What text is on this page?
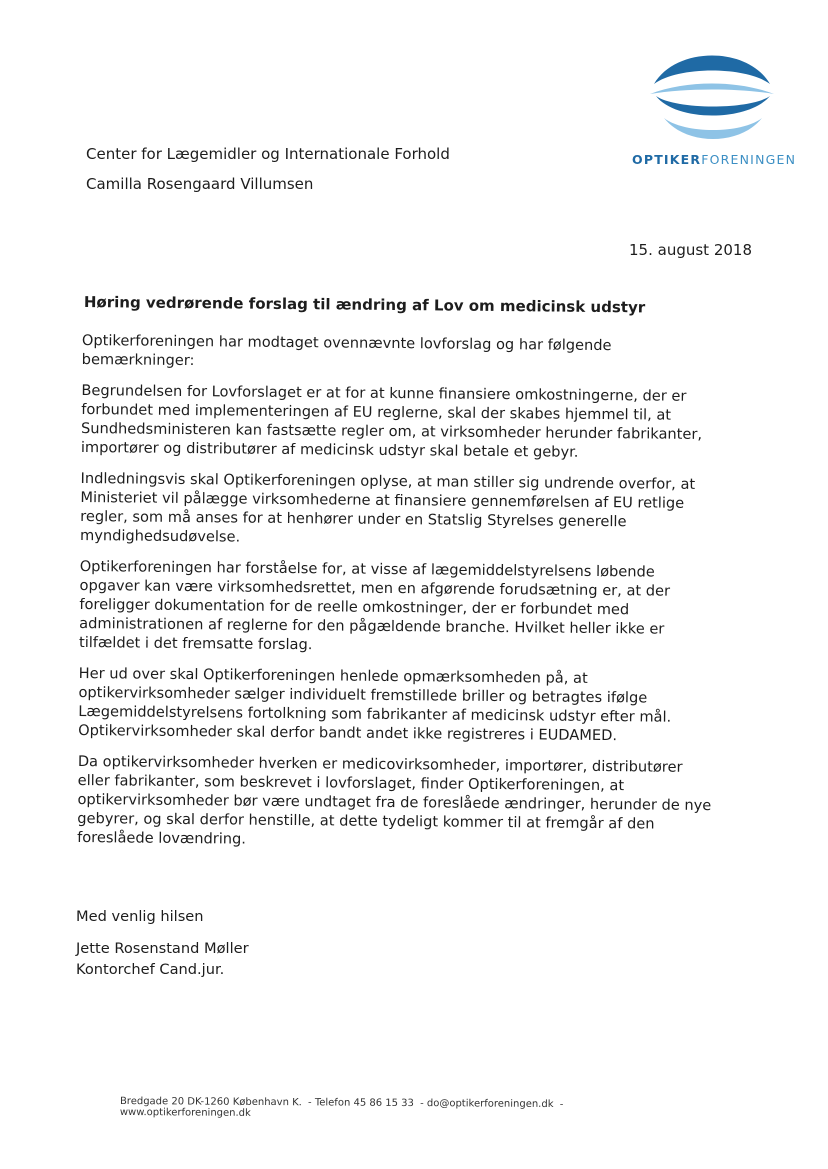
OPTIKERFORENINGEN
Center for Lægemidler og Internationale Forhold
Camilla Rosengaard Villumsen
15. august 2018
Høring vedrørende forslag til ændring af Lov om medicinsk udstyr

Optikerforeningen har modtaget ovennævnte lovforslag og har følgende
bemærkninger:

Begrundelsen for Lovforslaget er at for at kunne finansiere omkostningerne, der er
forbundet med implementeringen af EU reglerne, skal der skabes hjemmel til, at
Sundhedsministeren kan fastsætte regler om, at virksomheder herunder fabrikanter,
importører og distributører af medicinsk udstyr skal betale et gebyr.

Indledningsvis skal Optikerforeningen oplyse, at man stiller sig undrende overfor, at
Ministeriet vil pålægge virksomhederne at finansiere gennemførelsen af EU retlige
regler, som må anses for at henhører under en Statslig Styrelses generelle
myndighedsudøvelse.

Optikerforeningen har forståelse for, at visse af lægemiddelstyrelsens løbende
opgaver kan være virksomhedsrettet, men en afgørende forudsætning er, at der
foreligger dokumentation for de reelle omkostninger, der er forbundet med
administrationen af reglerne for den pågældende branche. Hvilket heller ikke er
tilfældet i det fremsatte forslag.

Her ud over skal Optikerforeningen henlede opmærksomheden på, at
optikervirksomheder sælger individuelt fremstillede briller og betragtes ifølge
Lægemiddelstyrelsens fortolkning som fabrikanter af medicinsk udstyr efter mål.
Optikervirksomheder skal derfor bandt andet ikke registreres i EUDAMED.

Da optikervirksomheder hverken er medicovirksomheder, importører, distributører
eller fabrikanter, som beskrevet i lovforslaget, finder Optikerforeningen, at
optikervirksomheder bør være undtaget fra de foreslåede ændringer, herunder de nye
gebyrer, og skal derfor henstille, at dette tydeligt kommer til at fremgår af den
foreslåede lovændring.

Med venlig hilsen
Jette Rosenstand Møller
Kontorchef Cand.jur.
Bredgade 20 DK-1260 København K. - Telefon 45 86 15 33 - do@optikerforeningen.dk - www.optikerforeningen.dk
